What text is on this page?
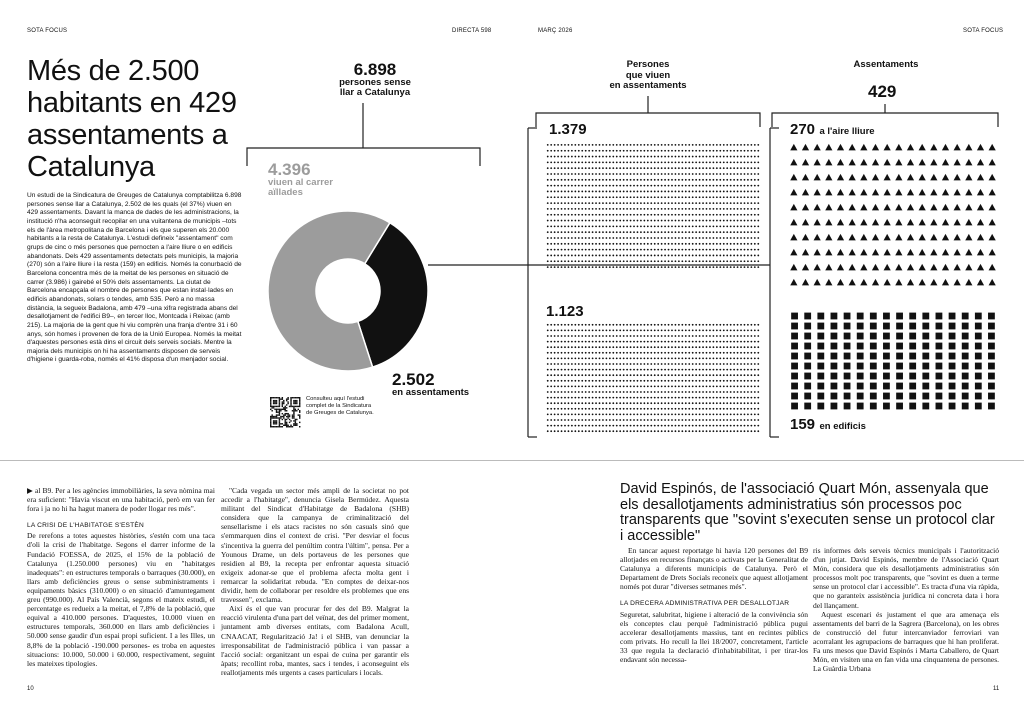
SOTA FOCUS	DIRECTA 598	MARÇ 2026	SOTA FOCUS
Més de 2.500 habitants en 429 assentaments a Catalunya

Un estudi de la Sindicatura de Greuges de Catalunya comptabilitza 6.898 persones sense llar a Catalunya, 2.502 de les quals (el 37%) viuen en 429 assentaments. Davant la manca de dades de les administracions, la institució n'ha aconseguit recopilar en una vuitantena de municipis –tots els de l'àrea metropolitana de Barcelona i els que superen els 20.000 habitants a la resta de Catalunya. L'estudi defineix "assentament" com grups de cinc o més persones que pernocten a l'aire lliure o en edificis abandonats. Dels 429 assentaments detectats pels municipis, la majoria (270) són a l'aire lliure i la resta (159) en edificis. Només la conurbació de Barcelona concentra més de la meitat de les persones en situació de carrer (3.986) i gairebé el 50% dels assentaments. La ciutat de Barcelona encapçala el nombre de persones que estan instal·lades en edificis abandonats, solars o tendes, amb 535. Però a no massa distància, la segueix Badalona, amb 479 –una xifra registrada abans del desallotjament de l'edifici B9–, en tercer lloc, Montcada i Reixac (amb 215). La majoria de la gent que hi viu comprèn una franja d'entre 31 i 60 anys, són homes i provenen de fora de la Unió Europea. Només la meitat d'aquestes persones està dins el circuit dels serveis socials. Mentre la majoria dels municipis on hi ha assentaments disposen de serveis d'higiene i guarda-roba, només el 41% disposa d'un menjador social.

6.898
persones sense
llar a Catalunya
4.396
viuen al carrer
aïllades
2.502
en assentaments
Persones
que viuen
en assentaments
Assentaments
429
1.379
1.123
270 a l'aire lliure
159 en edificis
Consulteu aquí l'estudi complet de la Sindicatura de Greuges de Catalunya.

▶ al B9. Per a les agències immobiliàries, la seva nòmina mai era suficient: "Havia viscut en una habitació, però em van fer fora i ja no hi ha hagut manera de poder llogar res més".

LA CRISI DE L'HABITATGE S'ESTÈN

De rerefons a totes aquestes històries, s'estén com una taca d'oli la crisi de l'habitatge. Segons el darrer informe de la Fundació FOESSA, de 2025, el 15% de la població de Catalunya (1.250.000 persones) viu en "habitatges inadequats": en estructures temporals o barraques (30.000), en llars amb deficiències greus o sense subministraments i equipaments bàsics (310.000) o en situació d'amuntegament greu (990.000). Al País Valencià, segons el mateix estudi, el percentatge es redueix a la meitat, el 7,8% de la població, que equival a 410.000 persones. D'aquestes, 10.000 viuen en estructures temporals, 360.000 en llars amb deficiències i 50.000 sense gaudir d'un espai propi suficient. I a les Illes, un 8,8% de la població -190.000 persones- es troba en aquestes situacions: 10.000, 50.000 i 60.000, respectivament, seguint les mateixes tipologies.

"Cada vegada un sector més ampli de la societat no pot accedir a l'habitatge", denuncia Gisela Bermúdez. Aquesta militant del Sindicat d'Habitatge de Badalona (SHB) considera que la campanya de criminalització del sensellarisme i els atacs racistes no són casuals sinó que s'emmarquen dins el context de crisi. "Per desviar el focus s'incentiva la guerra del penúltim contra l'últim", pensa. Per a Younous Drame, un dels portaveus de les persones que residien al B9, la recepta per enfrontar aquesta situació exigeix adonar-se que el problema afecta molta gent i remarcar la solidaritat rebuda. "En comptes de deixar-nos dividir, hem de collaborar per resoldre els problemes que ens travessen", exclama.

Així és el que van procurar fer des del B9. Malgrat la reacció virulenta d'una part del veïnat, des del primer moment, juntament amb diverses entitats, com Badalona Acull, CNAACAT, Regularització Ja! i el SHB, van denunciar la irresponsabilitat de l'administració pública i van passar a l'acció social: organitzant un espai de cuina per garantir els àpats; recollint roba, mantes, sacs i tendes, i aconseguint els reallotjaments més urgents a cases particulars i locals.

David Espinós, de l'associació Quart Món, assenyala que els desallotjaments administratius són processos poc transparents que "sovint s'executen sense un protocol clar i accessible"

En tancar aquest reportatge hi havia 120 persones del B9 allotjades en recursos finançats o activats per la Generalitat de Catalunya a diferents municipis de Catalunya. Però el Departament de Drets Socials reconeix que aquest allotjament només pot durar "diverses setmanes més".

LA DRECERA ADMINISTRATIVA PER DESALLOTJAR

Seguretat, salubritat, higiene i alteració de la convivència són els conceptes clau perquè l'administració pública pugui accelerar desallotjaments massius, tant en recintes públics com privats. Ho recull la llei 18/2007, concretament, l'article 33 que regula la declaració d'inhabitabilitat, i per tirar-los endavant són necessa-

ris informes dels serveis tècnics municipals i l'autorització d'un jutjat. David Espinós, membre de l'Associació Quart Món, considera que els desallotjaments administratius són processos molt poc transparents, que "sovint es duen a terme sense un protocol clar i accessible". Es tracta d'una via ràpida, que no garanteix assistència jurídica ni concreta data i hora del llançament.

Aquest escenari és justament el que ara amenaça els assentaments del barri de la Sagrera (Barcelona), on les obres de construcció del futur intercanviador ferroviari van acorralant les agrupacions de barraques que hi han proliferat. Fa uns mesos que David Espinós i Marta Caballero, de Quart Món, en visiten una en fan vida una cinquantena de persones. La Guàrdia Urbana

10	11
